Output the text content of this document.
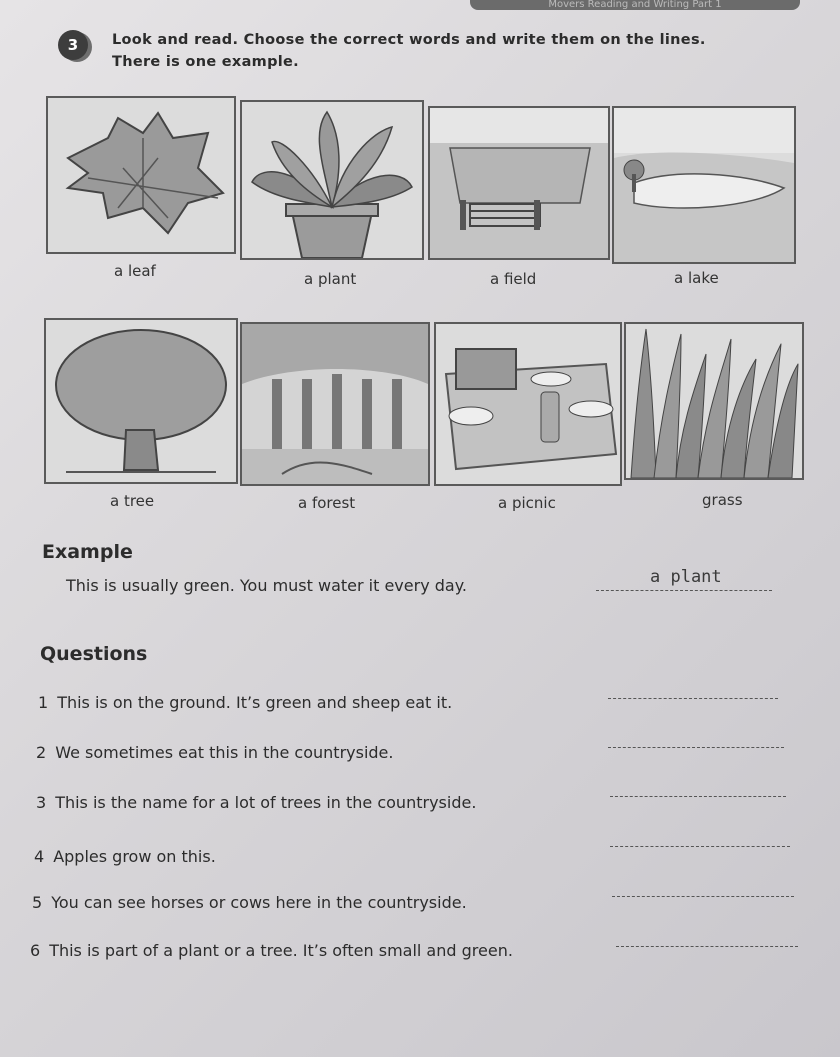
Movers Reading and Writing Part 1
3	Look and read. Choose the correct words and write them on the lines.
There is one example.
a leaf	a plant	a field	a lake
a tree	a forest	a picnic	grass
Example
This is usually green. You must water it every day.	a plant
Questions
1 This is on the ground. It’s green and sheep eat it.
2 We sometimes eat this in the countryside.
3 This is the name for a lot of trees in the countryside.
4 Apples grow on this.
5 You can see horses or cows here in the countryside.
6 This is part of a plant or a tree. It’s often small and green.
